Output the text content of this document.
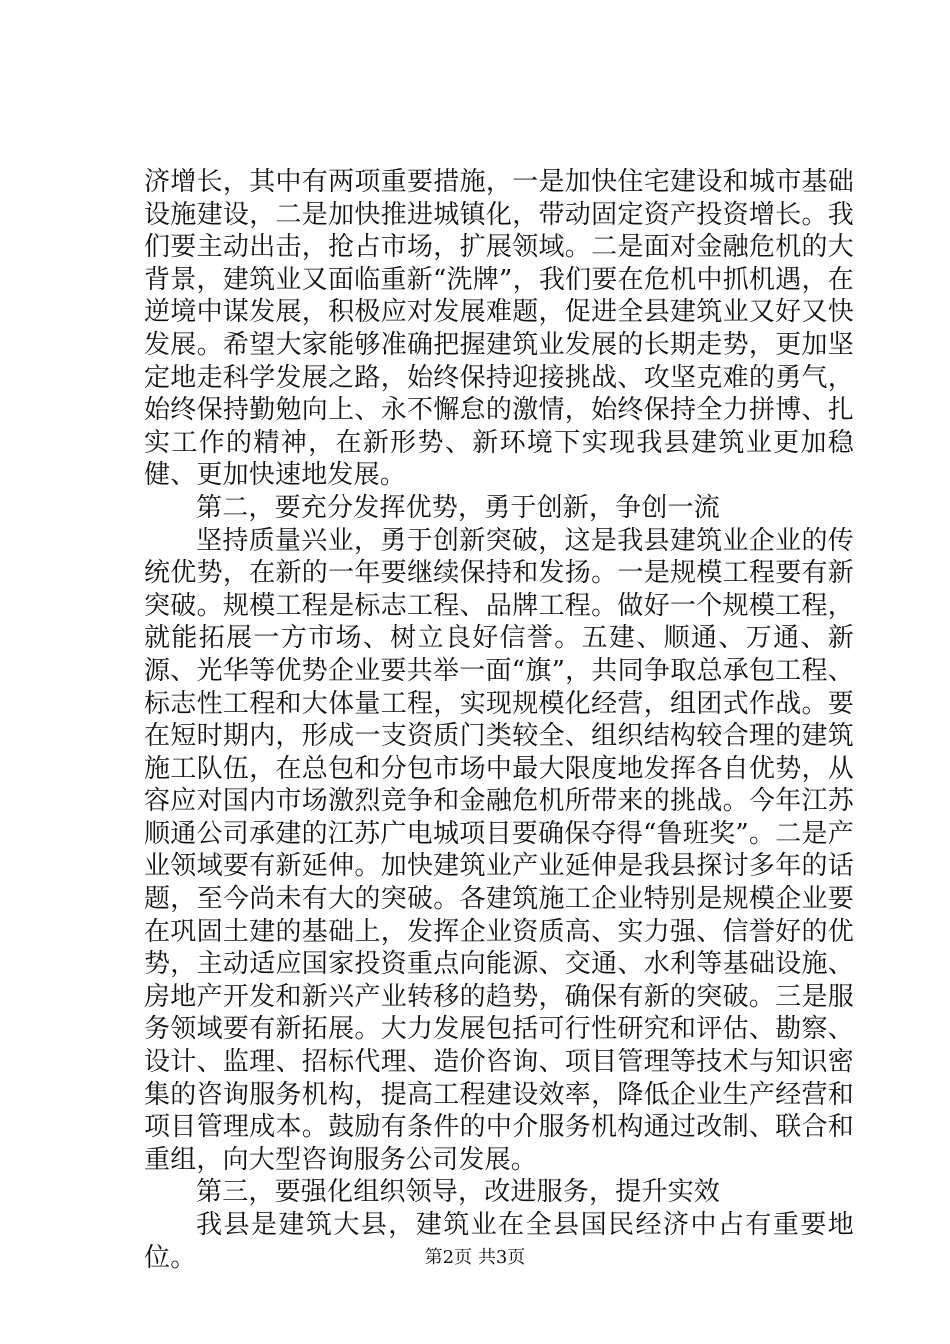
济增长，其中有两项重要措施，一是加快住宅建设和城市基础设施建设，二是加快推进城镇化，带动固定资产投资增长。我们要主动出击，抢占市场，扩展领域。二是面对金融危机的大背景，建筑业又面临重新“洗牌”，我们要在危机中抓机遇，在逆境中谋发展，积极应对发展难题，促进全县建筑业又好又快发展。希望大家能够准确把握建筑业发展的长期走势，更加坚定地走科学发展之路，始终保持迎接挑战、攻坚克难的勇气，始终保持勤勉向上、永不懈怠的激情，始终保持全力拼博、扎实工作的精神，在新形势、新环境下实现我县建筑业更加稳健、更加快速地发展。

第二，要充分发挥优势，勇于创新，争创一流

坚持质量兴业，勇于创新突破，这是我县建筑业企业的传统优势，在新的一年要继续保持和发扬。一是规模工程要有新突破。规模工程是标志工程、品牌工程。做好一个规模工程，就能拓展一方市场、树立良好信誉。五建、顺通、万通、新源、光华等优势企业要共举一面“旗”，共同争取总承包工程、标志性工程和大体量工程，实现规模化经营，组团式作战。要在短时期内，形成一支资质门类较全、组织结构较合理的建筑施工队伍，在总包和分包市场中最大限度地发挥各自优势，从容应对国内市场激烈竞争和金融危机所带来的挑战。今年江苏顺通公司承建的江苏广电城项目要确保夺得“鲁班奖”。二是产业领域要有新延伸。加快建筑业产业延伸是我县探讨多年的话题，至今尚未有大的突破。各建筑施工企业特别是规模企业要在巩固土建的基础上，发挥企业资质高、实力强、信誉好的优势，主动适应国家投资重点向能源、交通、水利等基础设施、房地产开发和新兴产业转移的趋势，确保有新的突破。三是服务领域要有新拓展。大力发展包括可行性研究和评估、勘察、设计、监理、招标代理、造价咨询、项目管理等技术与知识密集的咨询服务机构，提高工程建设效率，降低企业生产经营和项目管理成本。鼓励有条件的中介服务机构通过改制、联合和重组，向大型咨询服务公司发展。

第三，要强化组织领导，改进服务，提升实效

我县是建筑大县，建筑业在全县国民经济中占有重要地位。	第2页 共3页
